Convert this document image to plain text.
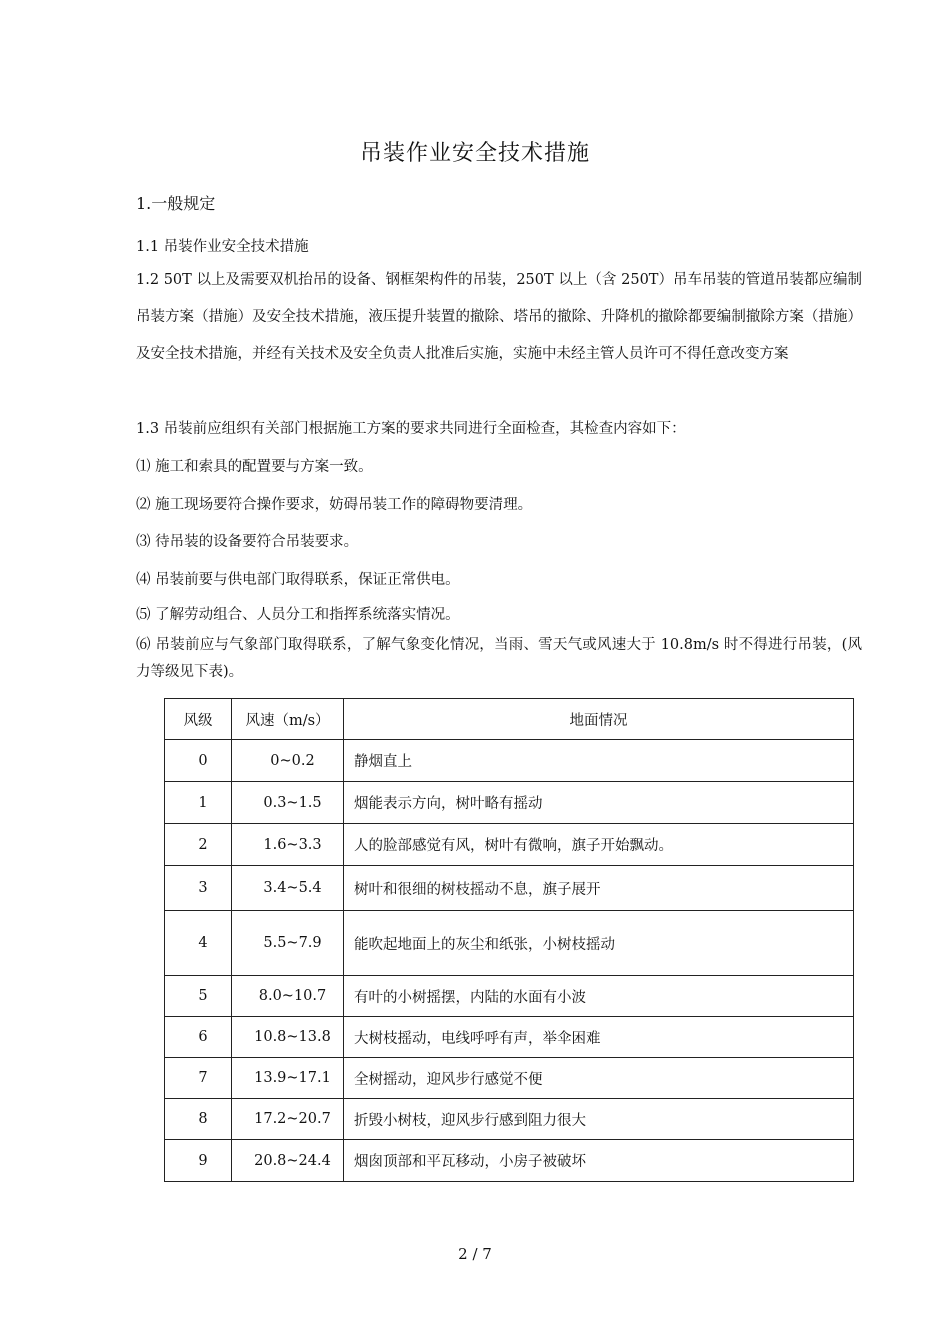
吊装作业安全技术措施
1.一般规定
1.1 吊装作业安全技术措施
1.2 50T 以上及需要双机抬吊的设备、钢框架构件的吊装，250T 以上（含 250T）吊车吊装的管道吊装都应编制吊装方案（措施）及安全技术措施，液压提升装置的撤除、塔吊的撤除、升降机的撤除都要编制撤除方案（措施）及安全技术措施，并经有关技术及安全负责人批准后实施，实施中未经主管人员许可不得任意改变方案
1.3 吊装前应组织有关部门根据施工方案的要求共同进行全面检查，其检查内容如下：
⑴ 施工和索具的配置要与方案一致。
⑵ 施工现场要符合操作要求，妨碍吊装工作的障碍物要清理。
⑶ 待吊装的设备要符合吊装要求。
⑷ 吊装前要与供电部门取得联系，保证正常供电。
⑸ 了解劳动组合、人员分工和指挥系统落实情况。
⑹ 吊装前应与气象部门取得联系，了解气象变化情况，当雨、雪天气或风速大于 10.8m/s 时不得进行吊装，(风力等级见下表)。
风级	风速（m/s）	地面情况
0	0~0.2	静烟直上
1	0.3~1.5	烟能表示方向，树叶略有摇动
2	1.6~3.3	人的脸部感觉有风，树叶有微响，旗子开始飘动。
3	3.4~5.4	树叶和很细的树枝摇动不息，旗子展开
4	5.5~7.9	能吹起地面上的灰尘和纸张，小树枝摇动
5	8.0~10.7	有叶的小树摇摆，内陆的水面有小波
6	10.8~13.8	大树枝摇动，电线呼呼有声，举伞困难
7	13.9~17.1	全树摇动，迎风步行感觉不便
8	17.2~20.7	折毁小树枝，迎风步行感到阻力很大
9	20.8~24.4	烟囱顶部和平瓦移动，小房子被破坏
2 / 7
